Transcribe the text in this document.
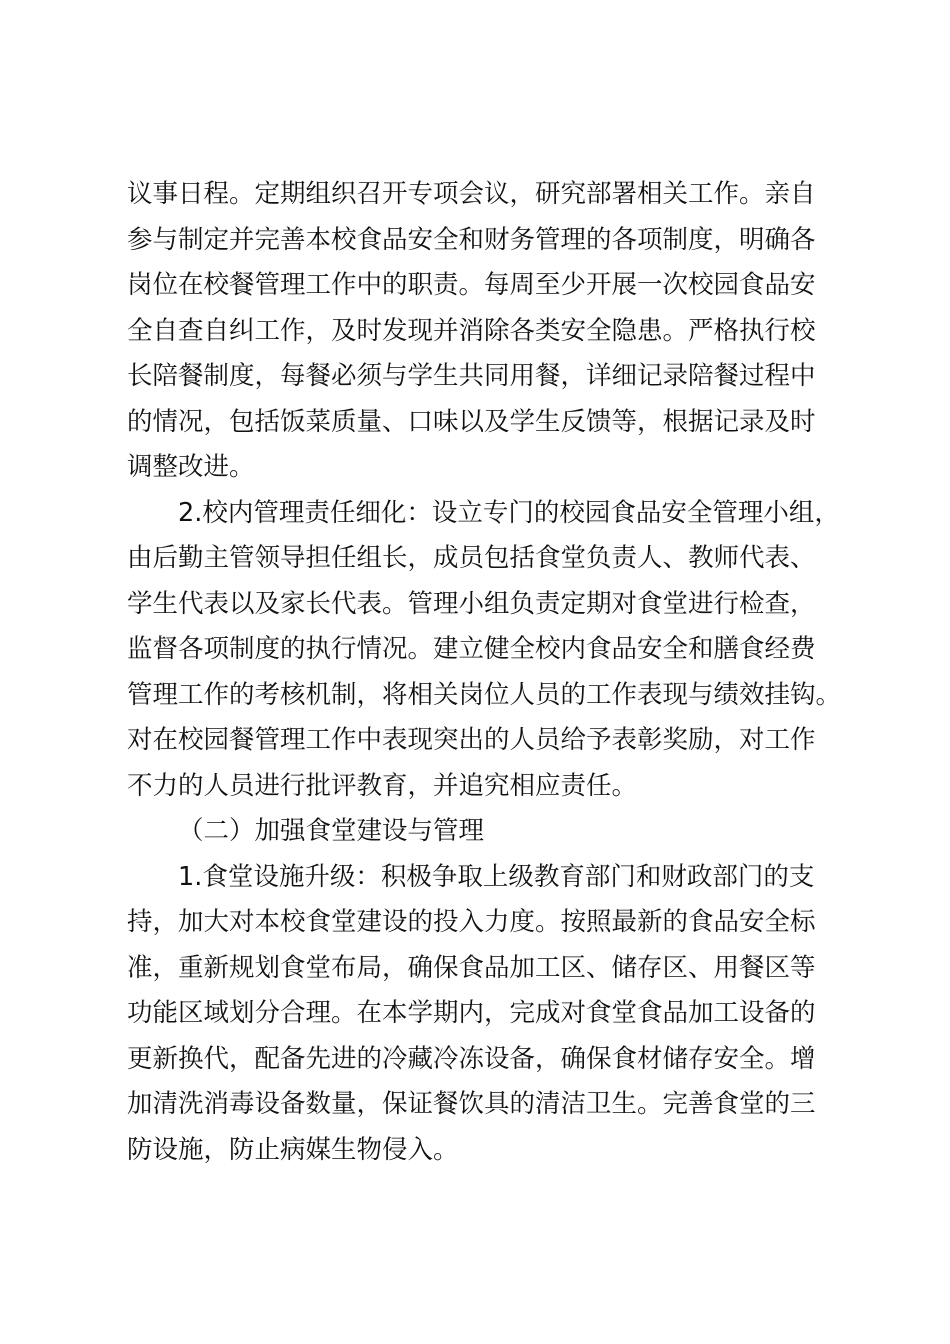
议事日程。定期组织召开专项会议，研究部署相关工作。亲自
参与制定并完善本校食品安全和财务管理的各项制度，明确各
岗位在校餐管理工作中的职责。每周至少开展一次校园食品安
全自查自纠工作，及时发现并消除各类安全隐患。严格执行校
长陪餐制度，每餐必须与学生共同用餐，详细记录陪餐过程中
的情况，包括饭菜质量、口味以及学生反馈等，根据记录及时
调整改进。
2.校内管理责任细化：设立专门的校园食品安全管理小组，
由后勤主管领导担任组长，成员包括食堂负责人、教师代表、
学生代表以及家长代表。管理小组负责定期对食堂进行检查，
监督各项制度的执行情况。建立健全校内食品安全和膳食经费
管理工作的考核机制，将相关岗位人员的工作表现与绩效挂钩。
对在校园餐管理工作中表现突出的人员给予表彰奖励，对工作
不力的人员进行批评教育，并追究相应责任。
（二）加强食堂建设与管理
1.食堂设施升级：积极争取上级教育部门和财政部门的支
持，加大对本校食堂建设的投入力度。按照最新的食品安全标
准，重新规划食堂布局，确保食品加工区、储存区、用餐区等
功能区域划分合理。在本学期内，完成对食堂食品加工设备的
更新换代，配备先进的冷藏冷冻设备，确保食材储存安全。增
加清洗消毒设备数量，保证餐饮具的清洁卫生。完善食堂的三
防设施，防止病媒生物侵入。
